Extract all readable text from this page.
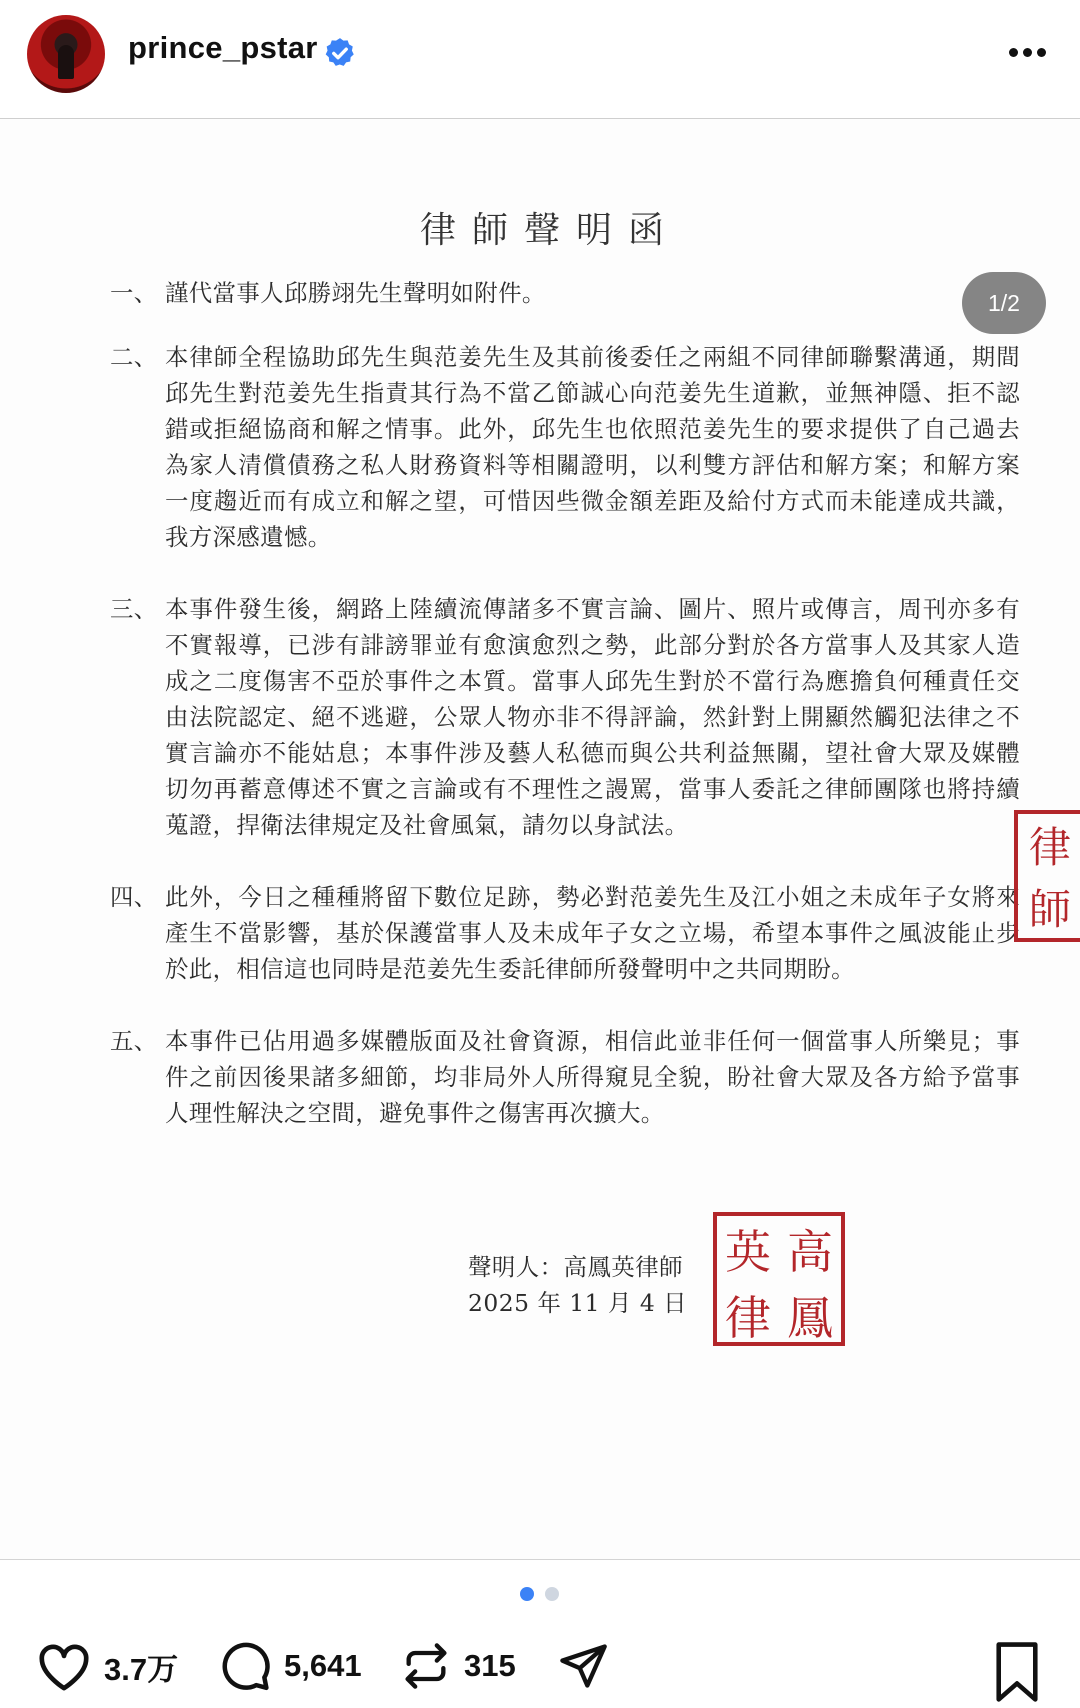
prince_pstar
律師聲明函
一、 謹代當事人邱勝翊先生聲明如附件。
二、 本律師全程協助邱先生與范姜先生及其前後委任之兩組不同律師聯繫溝通，期間邱先生對范姜先生指責其行為不當乙節誠心向范姜先生道歉，並無神隱、拒不認錯或拒絕協商和解之情事。此外，邱先生也依照范姜先生的要求提供了自己過去為家人清償債務之私人財務資料等相關證明，以利雙方評估和解方案；和解方案一度趨近而有成立和解之望，可惜因些微金額差距及給付方式而未能達成共識，我方深感遺憾。
三、 本事件發生後，網路上陸續流傳諸多不實言論、圖片、照片或傳言，周刊亦多有不實報導，已涉有誹謗罪並有愈演愈烈之勢，此部分對於各方當事人及其家人造成之二度傷害不亞於事件之本質。當事人邱先生對於不當行為應擔負何種責任交由法院認定、絕不逃避，公眾人物亦非不得評論，然針對上開顯然觸犯法律之不實言論亦不能姑息；本事件涉及藝人私德而與公共利益無關，望社會大眾及媒體切勿再蓄意傳述不實之言論或有不理性之謾罵，當事人委託之律師團隊也將持續蒐證，捍衛法律規定及社會風氣，請勿以身試法。
四、 此外，今日之種種將留下數位足跡，勢必對范姜先生及江小姐之未成年子女將來產生不當影響，基於保護當事人及未成年子女之立場，希望本事件之風波能止步於此，相信這也同時是范姜先生委託律師所發聲明中之共同期盼。
五、 本事件已佔用過多媒體版面及社會資源，相信此並非任何一個當事人所樂見；事件之前因後果諸多細節，均非局外人所得窺見全貌，盼社會大眾及各方給予當事人理性解決之空間，避免事件之傷害再次擴大。
聲明人：高鳳英律師
2025 年 11 月 4 日
英 高
律 鳳
律
師
1/2
3.7万	5,641	315
